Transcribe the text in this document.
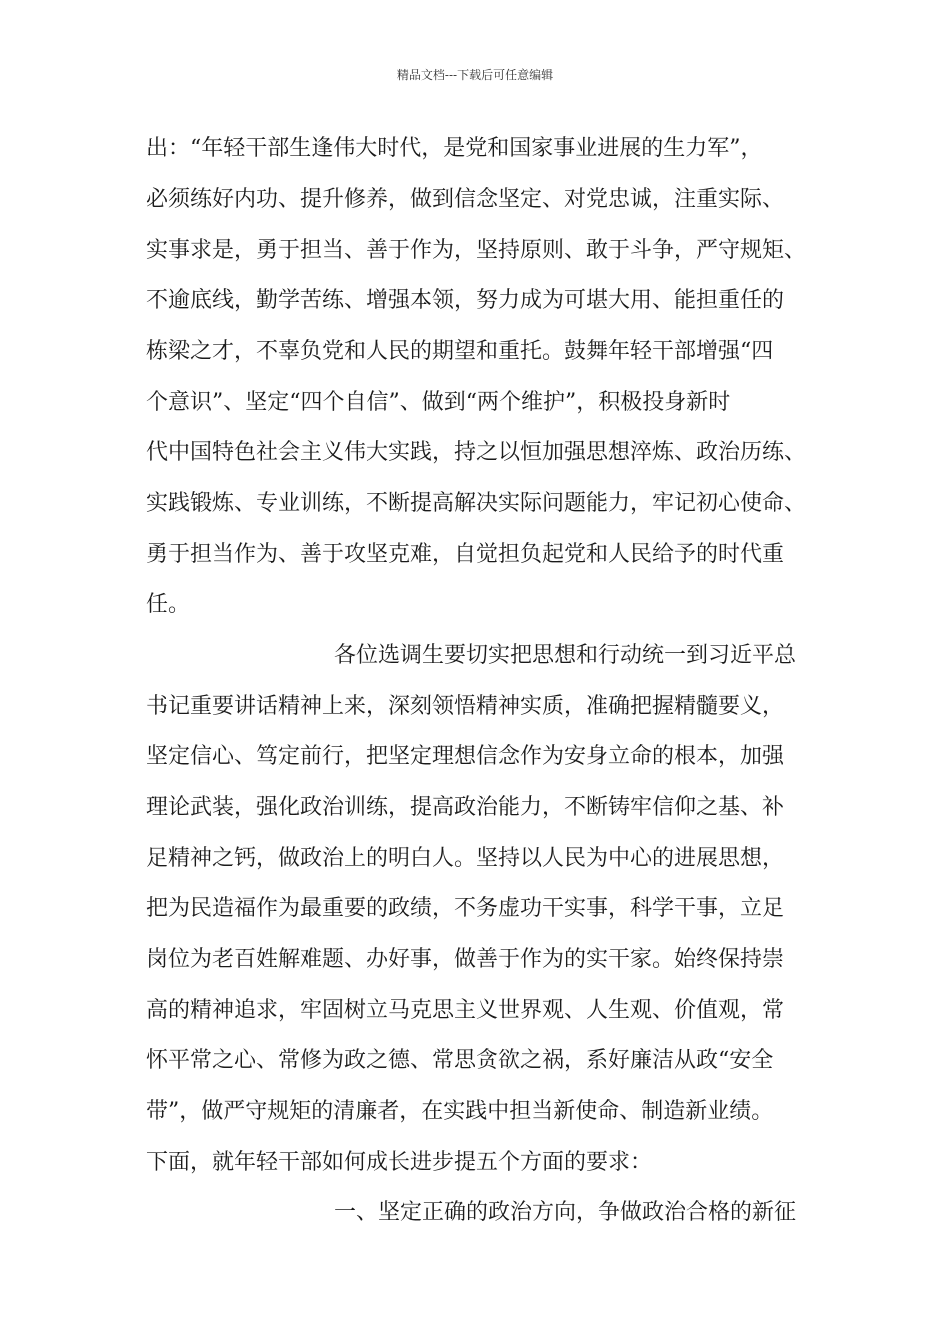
精品文档---下载后可任意编辑
出：“年轻干部生逢伟大时代，是党和国家事业进展的生力军”，
必须练好内功、提升修养，做到信念坚定、对党忠诚，注重实际、
实事求是，勇于担当、善于作为，坚持原则、敢于斗争，严守规矩、
不逾底线，勤学苦练、增强本领，努力成为可堪大用、能担重任的
栋梁之才，不辜负党和人民的期望和重托。鼓舞年轻干部增强“四
个意识”、坚定“四个自信”、做到“两个维护”，积极投身新时
代中国特色社会主义伟大实践，持之以恒加强思想淬炼、政治历练、
实践锻炼、专业训练，不断提高解决实际问题能力，牢记初心使命、
勇于担当作为、善于攻坚克难，自觉担负起党和人民给予的时代重
任。
各位选调生要切实把思想和行动统一到习近平总
书记重要讲话精神上来，深刻领悟精神实质，准确把握精髓要义，
坚定信心、笃定前行，把坚定理想信念作为安身立命的根本，加强
理论武装，强化政治训练，提高政治能力，不断铸牢信仰之基、补
足精神之钙，做政治上的明白人。坚持以人民为中心的进展思想，
把为民造福作为最重要的政绩，不务虚功干实事，科学干事，立足
岗位为老百姓解难题、办好事，做善于作为的实干家。始终保持崇
高的精神追求，牢固树立马克思主义世界观、人生观、价值观，常
怀平常之心、常修为政之德、常思贪欲之祸，系好廉洁从政“安全
带”，做严守规矩的清廉者，在实践中担当新使命、制造新业绩。
下面，就年轻干部如何成长进步提五个方面的要求：
一、坚定正确的政治方向，争做政治合格的新征
